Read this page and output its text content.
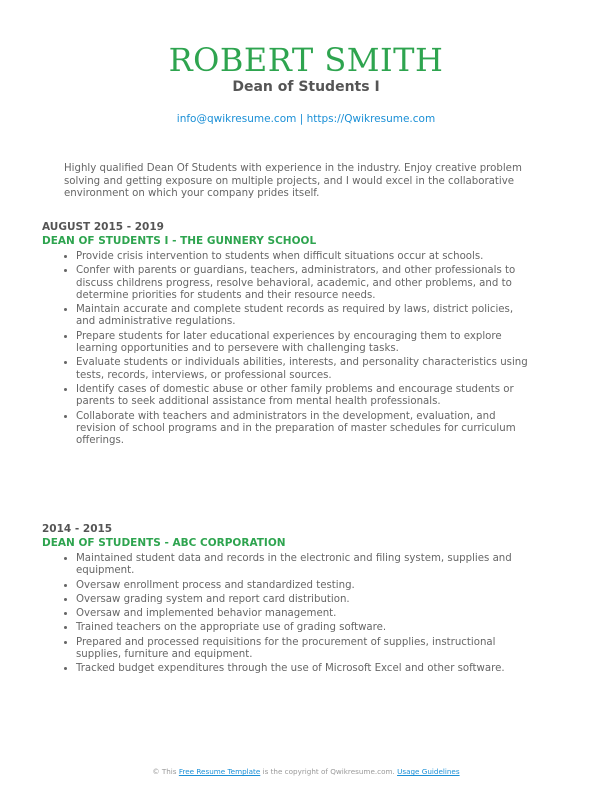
ROBERT SMITH
Dean of Students I
info@qwikresume.com | https://Qwikresume.com
Highly qualified Dean Of Students with experience in the industry. Enjoy creative problem solving and getting exposure on multiple projects, and I would excel in the collaborative environment on which your company prides itself.
AUGUST 2015 - 2019
DEAN OF STUDENTS I - THE GUNNERY SCHOOL
• Provide crisis intervention to students when difficult situations occur at schools.
• Confer with parents or guardians, teachers, administrators, and other professionals to discuss childrens progress, resolve behavioral, academic, and other problems, and to determine priorities for students and their resource needs.
• Maintain accurate and complete student records as required by laws, district policies, and administrative regulations.
• Prepare students for later educational experiences by encouraging them to explore learning opportunities and to persevere with challenging tasks.
• Evaluate students or individuals abilities, interests, and personality characteristics using tests, records, interviews, or professional sources.
• Identify cases of domestic abuse or other family problems and encourage students or parents to seek additional assistance from mental health professionals.
• Collaborate with teachers and administrators in the development, evaluation, and revision of school programs and in the preparation of master schedules for curriculum offerings.
2014 - 2015
DEAN OF STUDENTS - ABC CORPORATION
• Maintained student data and records in the electronic and filing system, supplies and equipment.
• Oversaw enrollment process and standardized testing.
• Oversaw grading system and report card distribution.
• Oversaw and implemented behavior management.
• Trained teachers on the appropriate use of grading software.
• Prepared and processed requisitions for the procurement of supplies, instructional supplies, furniture and equipment.
• Tracked budget expenditures through the use of Microsoft Excel and other software.
© This Free Resume Template is the copyright of Qwikresume.com. Usage Guidelines
